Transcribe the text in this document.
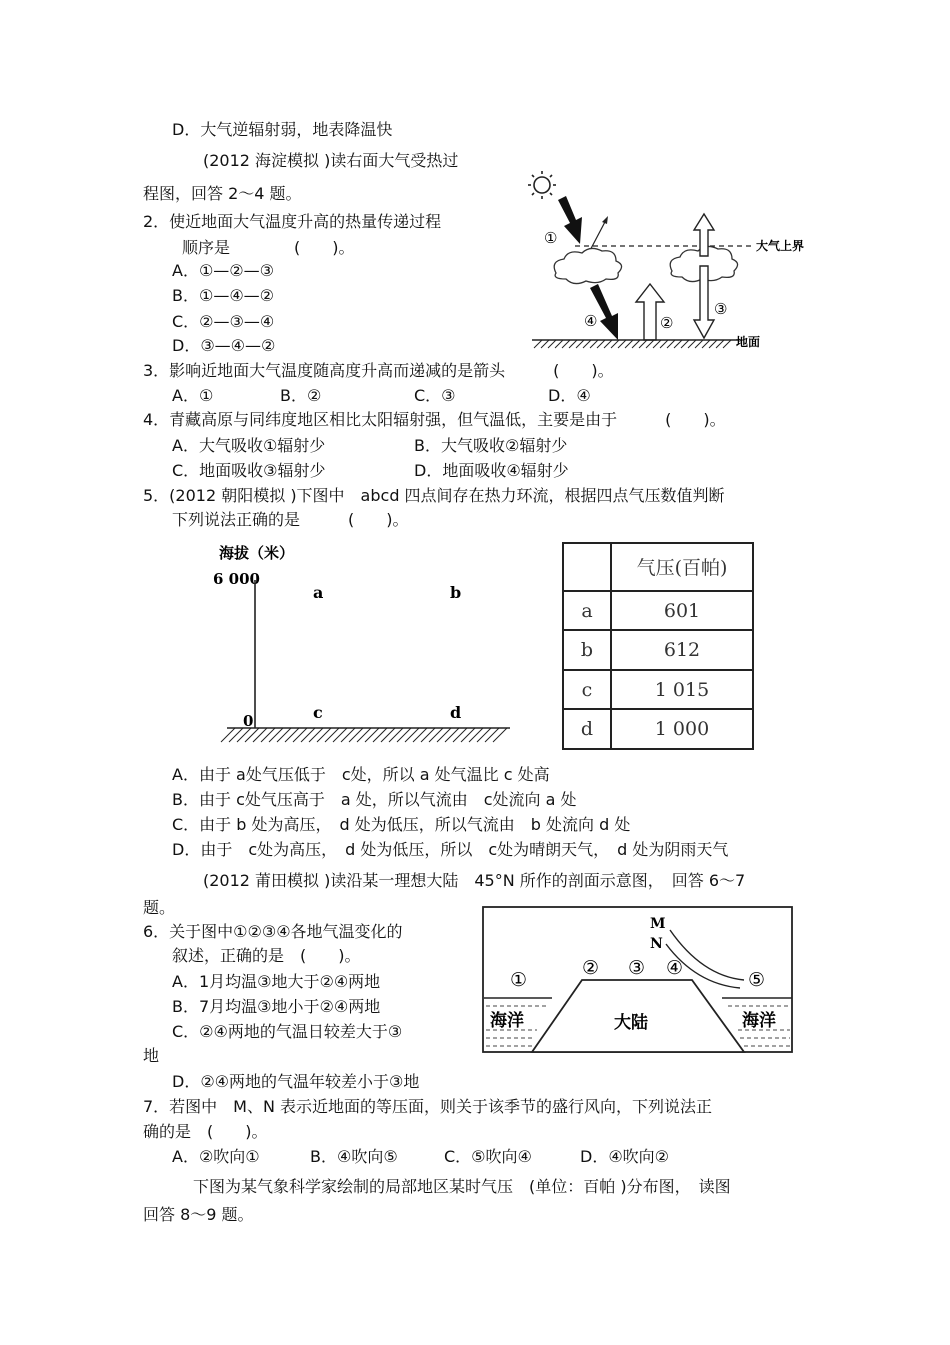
D．大气逆辐射弱，地表降温快
(2012 海淀模拟 )读右面大气受热过
程图，回答 2～4 题。
2．使近地面大气温度升高的热量传递过程
顺序是　　　　(　　)。
A．①—②—③
B．①—④—②
C．②—③—④
D．③—④—②
3．影响近地面大气温度随高度升高而递减的是箭头　　　(　　)。
A．①	B．②	C．③	D．④
4．青藏高原与同纬度地区相比太阳辐射强，但气温低，主要是由于　　　(　　)。
A．大气吸收①辐射少	B．大气吸收②辐射少
C．地面吸收③辐射少	D．地面吸收④辐射少
5．(2012 朝阳模拟 )下图中　abcd 四点间存在热力环流，根据四点气压数值判断
下列说法正确的是　　　(　　)。
A．由于 a处气压低于　c处，所以 a 处气温比 c 处高
B．由于 c处气压高于　a 处，所以气流由　c处流向 a 处
C．由于 b 处为高压，　d 处为低压，所以气流由　b 处流向 d 处
D．由于　c处为高压，　d 处为低压，所以　c处为晴朗天气，　d 处为阴雨天气
(2012 莆田模拟 )读沿某一理想大陆　45°N 所作的剖面示意图，　回答 6～7
题。
6．关于图中①②③④各地气温变化的
叙述，正确的是　(　　)。
A．1月均温③地大于②④两地
B．7月均温③地小于②④两地
C．②④两地的气温日较差大于③
地
D．②④两地的气温年较差小于③地
7．若图中　M、N 表示近地面的等压面，则关于该季节的盛行风向，下列说法正
确的是　(　　)。
A．②吹向①	B．④吹向⑤	C．⑤吹向④	D．④吹向②
下图为某气象科学家绘制的局部地区某时气压　(单位：百帕 )分布图，　读图
回答 8～9 题。
①
④	②
③
大气上界
地面
海拔（米）
6 000
0
a	b
c	d
	气压(百帕)
a	601
b	612
c	1 015
d	1 000
M
N
①
② ③ ④
⑤
海洋	大陆	海洋
